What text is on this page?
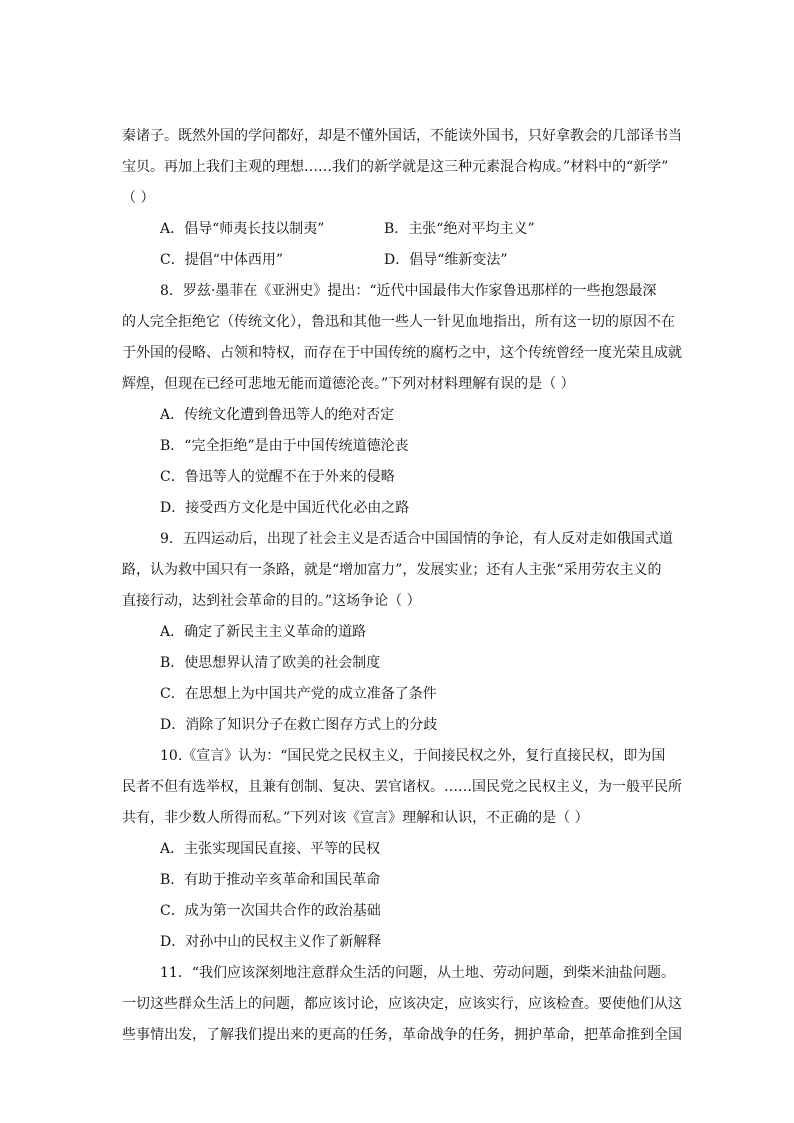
秦诸子。既然外国的学问都好，却是不懂外国话，不能读外国书，只好拿教会的几部译书当
宝贝。再加上我们主观的理想……我们的新学就是这三种元素混合构成。”材料中的“新学”
（ ）

A．倡导“师夷长技以制夷”	B．主张“绝对平均主义”
C．提倡“中体西用”	D．倡导“维新变法”

8．罗兹·墨菲在《亚洲史》提出：“近代中国最伟大作家鲁迅那样的一些抱怨最深
的人完全拒绝它（传统文化），鲁迅和其他一些人一针见血地指出，所有这一切的原因不在
于外国的侵略、占领和特权，而存在于中国传统的腐朽之中，这个传统曾经一度光荣且成就
辉煌，但现在已经可悲地无能而道德沦丧。”下列对材料理解有误的是（ ）

A．传统文化遭到鲁迅等人的绝对否定

B．“完全拒绝”是由于中国传统道德沦丧

C．鲁迅等人的觉醒不在于外来的侵略

D．接受西方文化是中国近代化必由之路

9．五四运动后，出现了社会主义是否适合中国国情的争论，有人反对走如俄国式道
路，认为救中国只有一条路，就是“增加富力”，发展实业；还有人主张“采用劳农主义的
直接行动，达到社会革命的目的。”这场争论（ ）

A．确定了新民主主义革命的道路

B．使思想界认清了欧美的社会制度

C．在思想上为中国共产党的成立准备了条件

D．消除了知识分子在救亡图存方式上的分歧

10.《宣言》认为：“国民党之民权主义，于间接民权之外，复行直接民权，即为国
民者不但有选举权，且兼有创制、复决、罢官诸权。……国民党之民权主义，为一般平民所
共有，非少数人所得而私。”下列对该《宣言》理解和认识，不正确的是（ ）

A．主张实现国民直接、平等的民权

B．有助于推动辛亥革命和国民革命

C．成为第一次国共合作的政治基础

D．对孙中山的民权主义作了新解释

11．“我们应该深刻地注意群众生活的问题，从土地、劳动问题，到柴米油盐问题。
一切这些群众生活上的问题，都应该讨论，应该决定，应该实行，应该检查。要使他们从这
些事情出发，了解我们提出来的更高的任务，革命战争的任务，拥护革命，把革命推到全国
